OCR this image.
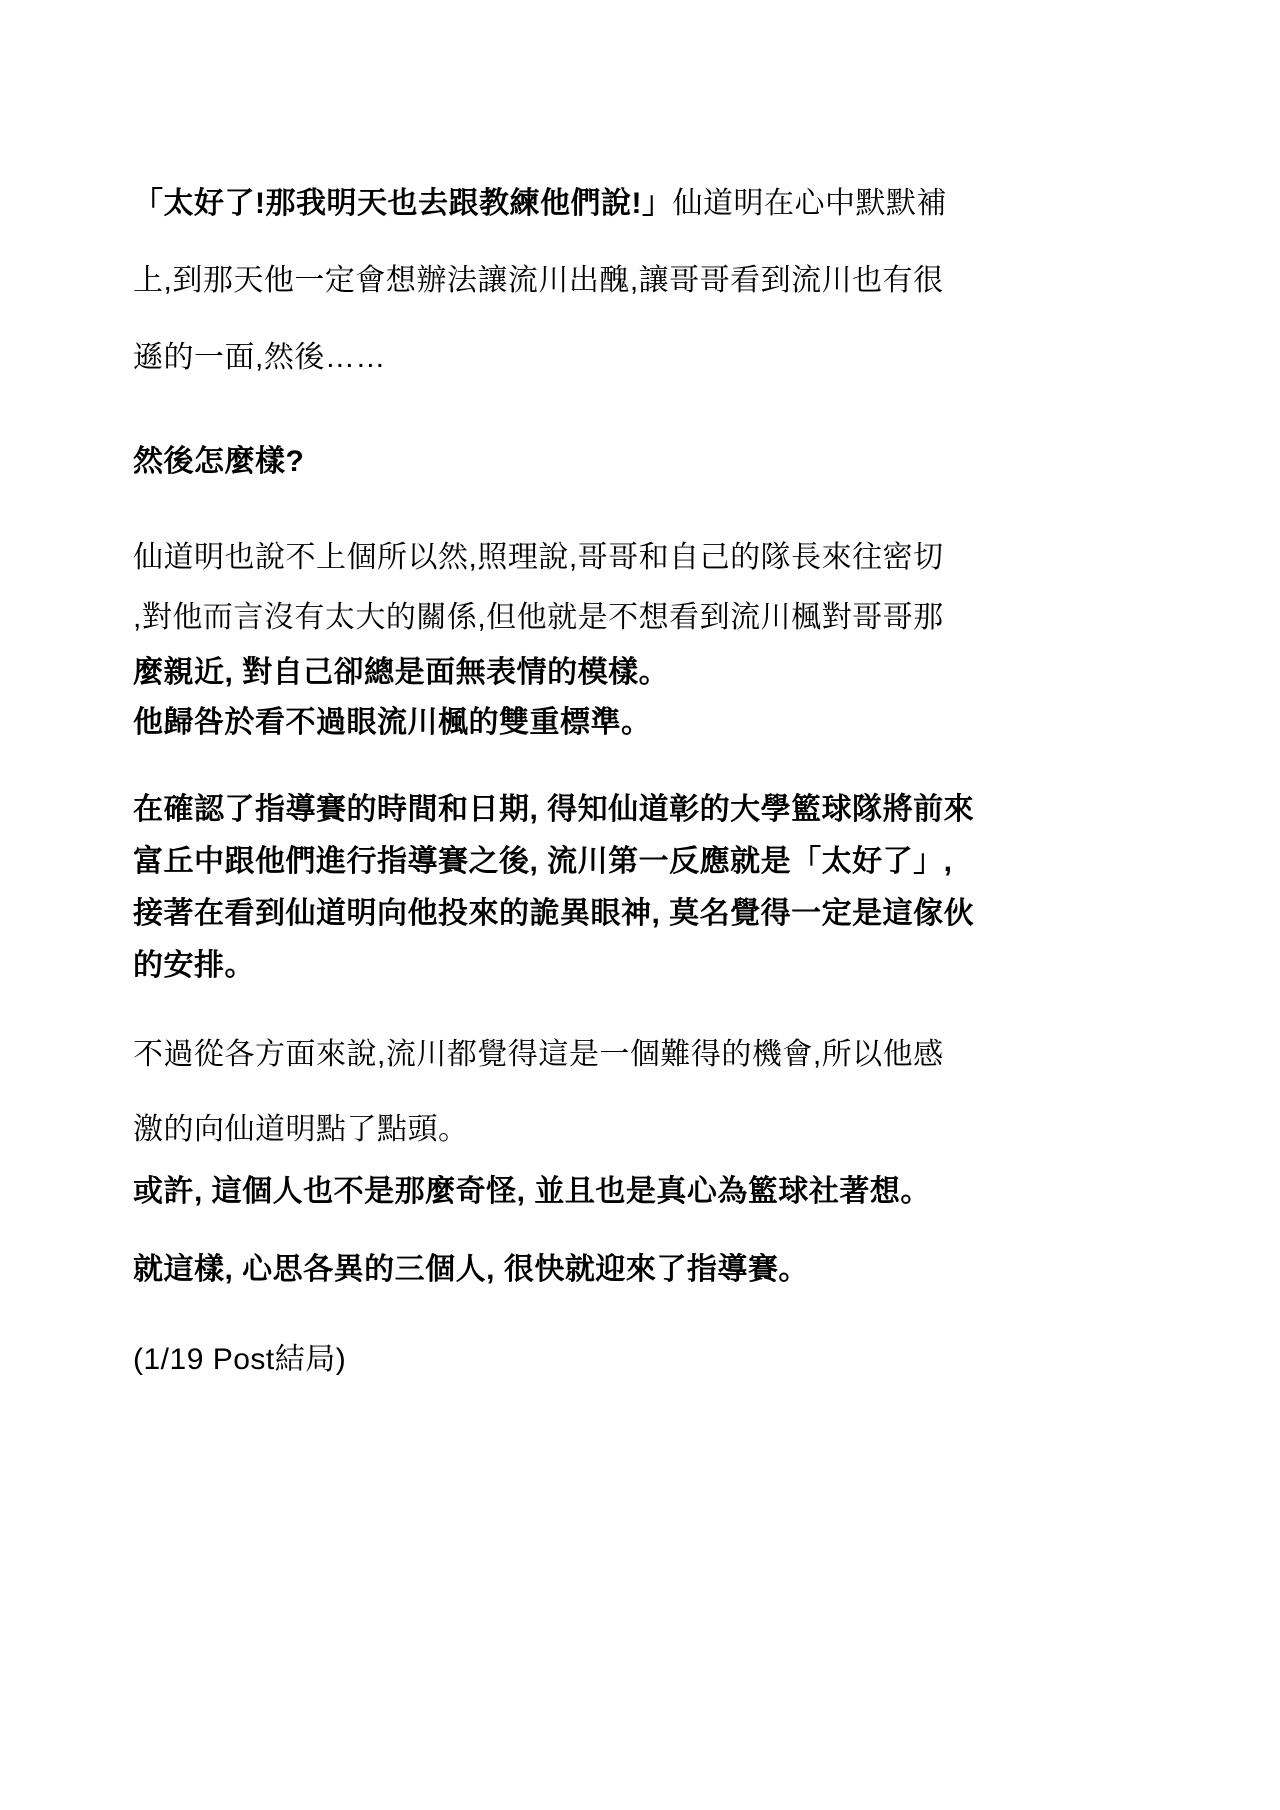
「太好了!那我明天也去跟教練他們說!」仙道明在心中默默補
上,到那天他一定會想辦法讓流川出醜,讓哥哥看到流川也有很
遜的一面,然後……
然後怎麼樣?
仙道明也說不上個所以然,照理說,哥哥和自己的隊長來往密切
,對他而言沒有太大的關係,但他就是不想看到流川楓對哥哥那
麼親近, 對自己卻總是面無表情的模樣。
他歸咎於看不過眼流川楓的雙重標準。
在確認了指導賽的時間和日期, 得知仙道彰的大學籃球隊將前來
富丘中跟他們進行指導賽之後, 流川第一反應就是「太好了」,
接著在看到仙道明向他投來的詭異眼神, 莫名覺得一定是這傢伙
的安排。
不過從各方面來說,流川都覺得這是一個難得的機會,所以他感
激的向仙道明點了點頭。
或許, 這個人也不是那麼奇怪, 並且也是真心為籃球社著想。
就這樣, 心思各異的三個人, 很快就迎來了指導賽。
(1/19 Post結局)
